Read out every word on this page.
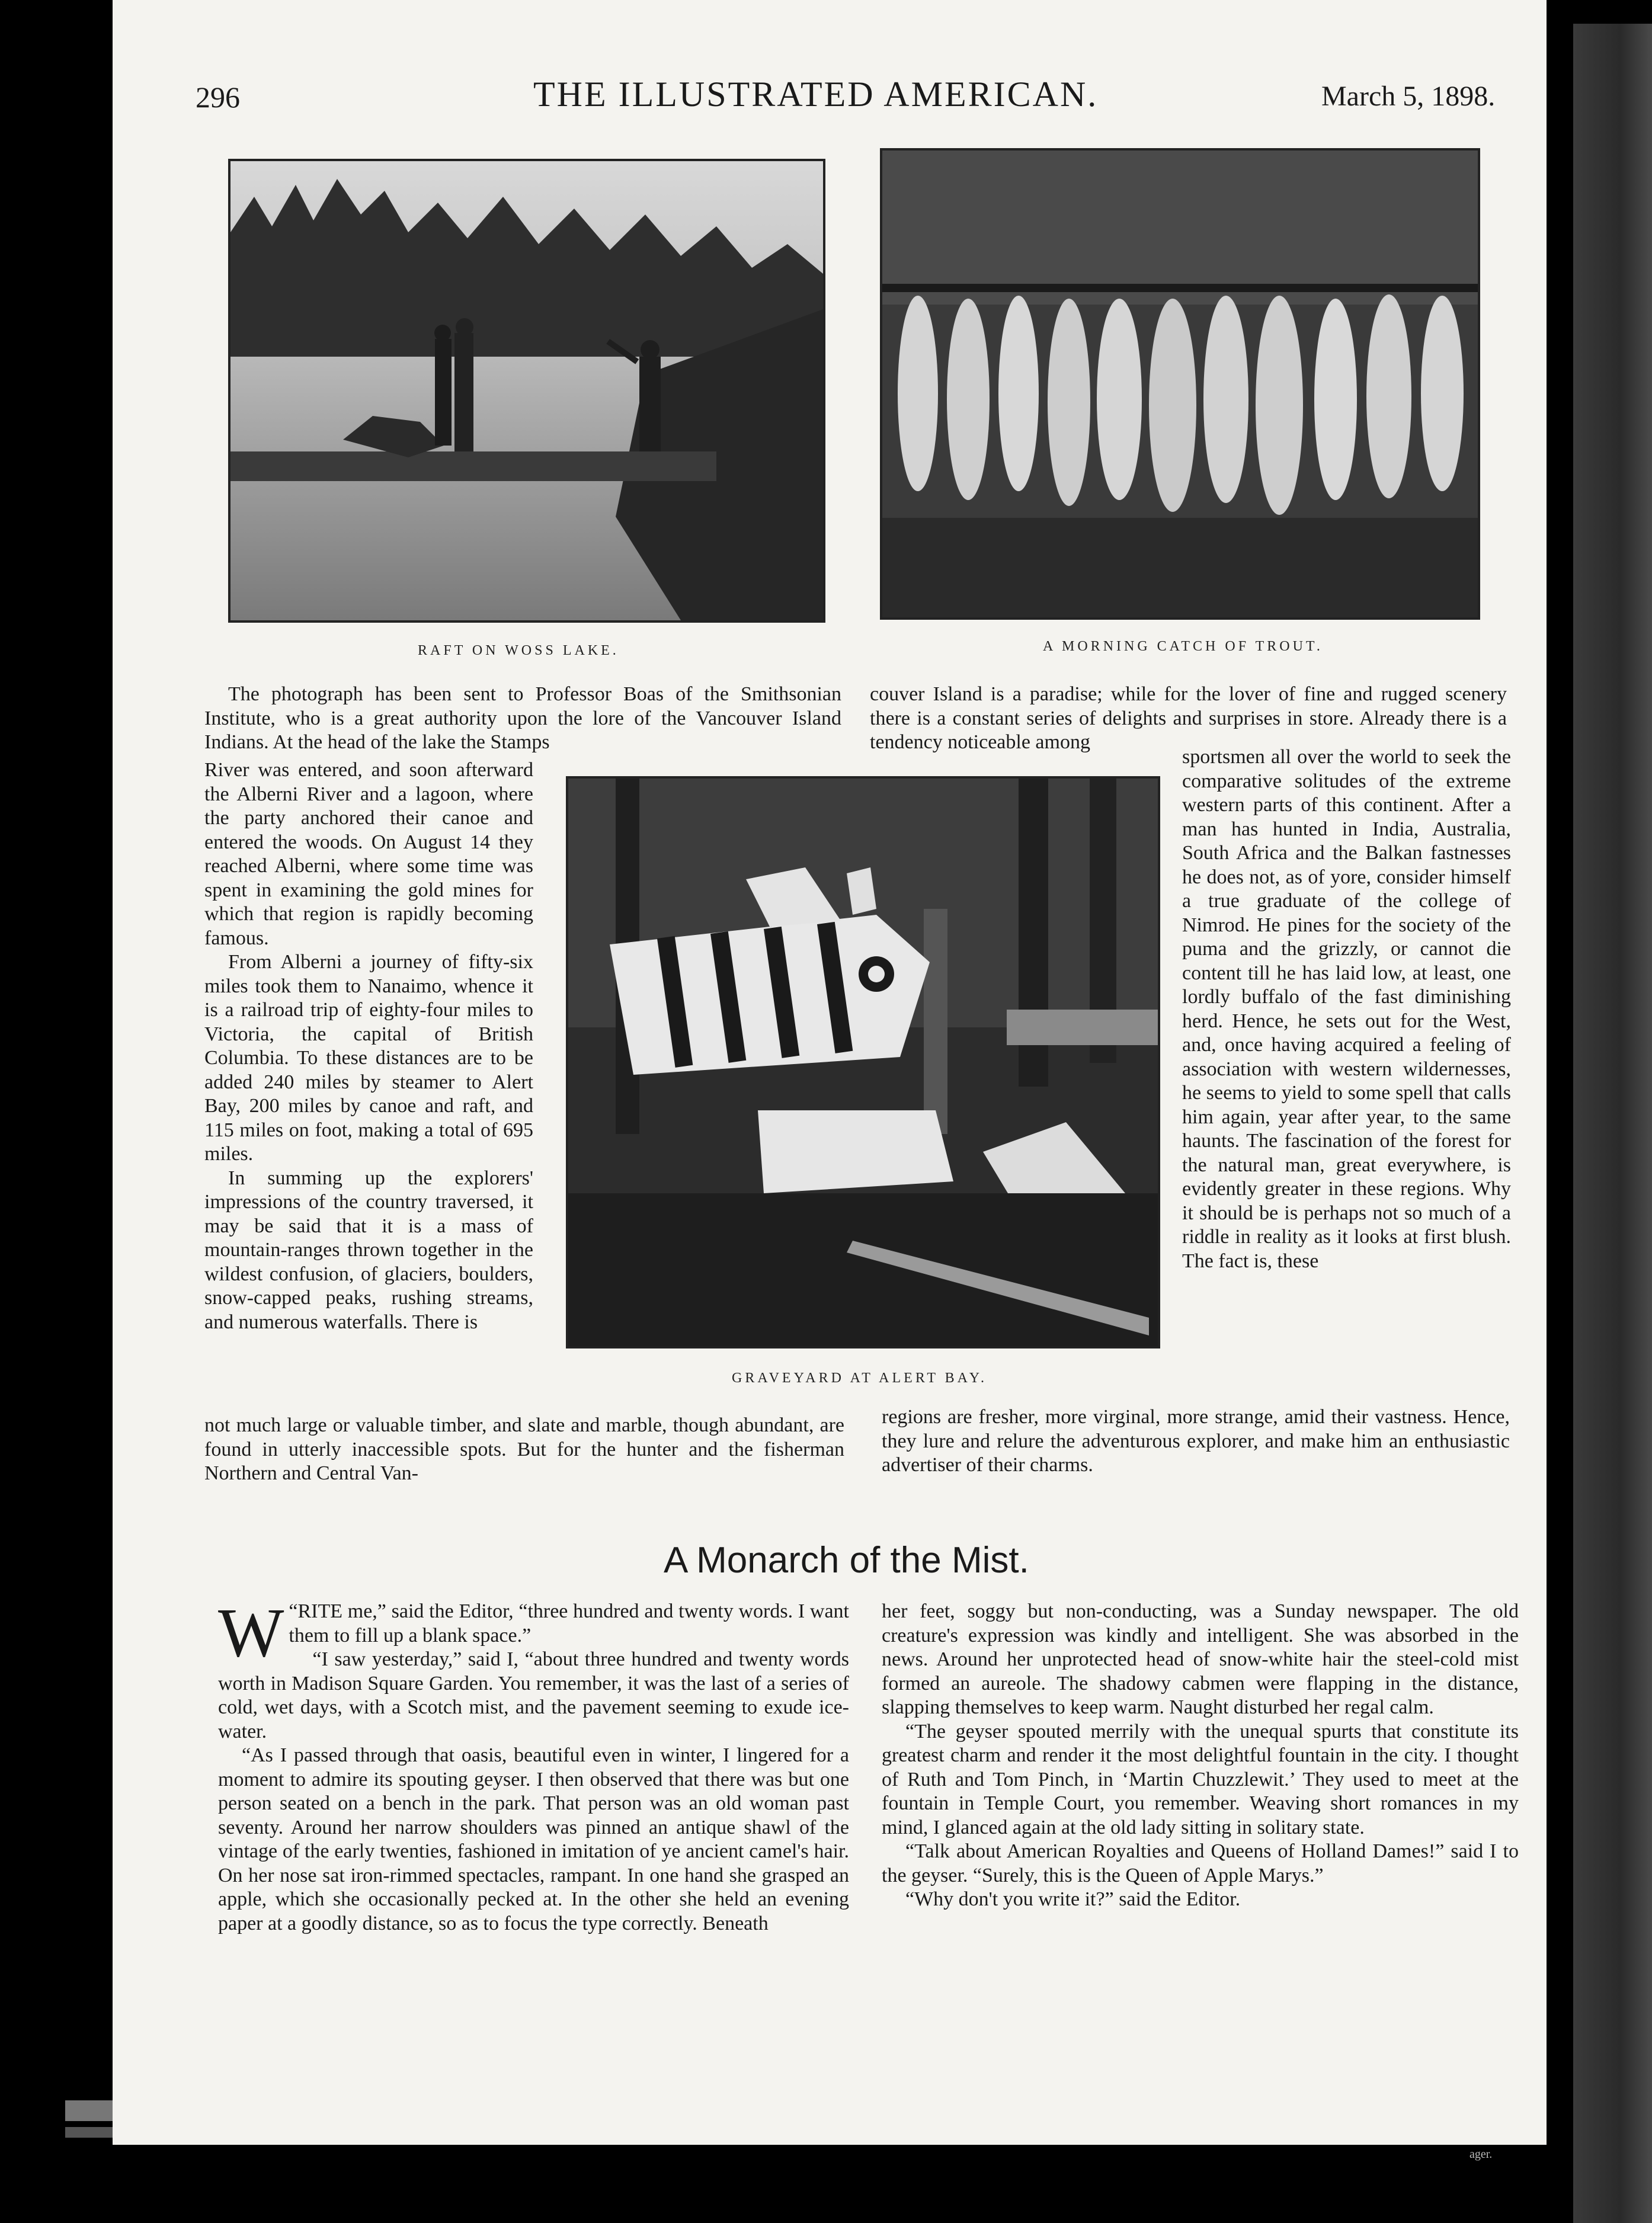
296	THE ILLUSTRATED AMERICAN.	March 5, 1898.
RAFT ON WOSS LAKE.	A MORNING CATCH OF TROUT.

The photograph has been sent to Professor Boas of the Smithsonian Institute, who is a great authority upon the lore of the Vancouver Island Indians. At the head of the lake the Stamps

River was entered, and soon afterward the Alberni River and a lagoon, where the party anchored their canoe and entered the woods. On August 14 they reached Alberni, where some time was spent in examining the gold mines for which that region is rapidly becoming famous.

From Alberni a journey of fifty-six miles took them to Nanaimo, whence it is a railroad trip of eighty-four miles to Victoria, the capital of British Columbia. To these distances are to be added 240 miles by steamer to Alert Bay, 200 miles by canoe and raft, and 115 miles on foot, making a total of 695 miles.

In summing up the explorers' impressions of the country traversed, it may be said that it is a mass of mountain-ranges thrown together in the wildest confusion, of glaciers, boulders, snow-capped peaks, rushing streams, and numerous waterfalls. There is

GRAVEYARD AT ALERT BAY.

couver Island is a paradise; while for the lover of fine and rugged scenery there is a constant series of delights and surprises in store. Already there is a tendency noticeable among

sportsmen all over the world to seek the comparative solitudes of the extreme western parts of this continent. After a man has hunted in India, Australia, South Africa and the Balkan fastnesses he does not, as of yore, consider himself a true graduate of the college of Nimrod. He pines for the society of the puma and the grizzly, or cannot die content till he has laid low, at least, one lordly buffalo of the fast diminishing herd. Hence, he sets out for the West, and, once having acquired a feeling of association with western wildernesses, he seems to yield to some spell that calls him again, year after year, to the same haunts. The fascination of the forest for the natural man, great everywhere, is evidently greater in these regions. Why it should be is perhaps not so much of a riddle in reality as it looks at first blush. The fact is, these

not much large or valuable timber, and slate and marble, though abundant, are found in utterly inaccessible spots. But for the hunter and the fisherman Northern and Central Van-

regions are fresher, more virginal, more strange, amid their vastness. Hence, they lure and relure the adventurous explorer, and make him an enthusiastic advertiser of their charms.

A Monarch of the Mist.

“
W RITE me,” said the Editor, “three hundred and twenty words. I want them to fill up a blank space.”

“I saw yesterday,” said I, “about three hundred and twenty words worth in Madison Square Garden. You remember, it was the last of a series of cold, wet days, with a Scotch mist, and the pavement seeming to exude ice-water.

“As I passed through that oasis, beautiful even in winter, I lingered for a moment to admire its spouting geyser. I then observed that there was but one person seated on a bench in the park. That person was an old woman past seventy. Around her narrow shoulders was pinned an antique shawl of the vintage of the early twenties, fashioned in imitation of ye ancient camel's hair. On her nose sat iron-rimmed spectacles, rampant. In one hand she grasped an apple, which she occasionally pecked at. In the other she held an evening paper at a goodly distance, so as to focus the type correctly. Beneath

her feet, soggy but non-conducting, was a Sunday newspaper. The old creature's expression was kindly and intelligent. She was absorbed in the news. Around her unprotected head of snow-white hair the steel-cold mist formed an aureole. The shadowy cabmen were flapping in the distance, slapping themselves to keep warm. Naught disturbed her regal calm.

“The geyser spouted merrily with the unequal spurts that constitute its greatest charm and render it the most delightful fountain in the city. I thought of Ruth and Tom Pinch, in ‘Martin Chuzzlewit.’ They used to meet at the fountain in Temple Court, you remember. Weaving short romances in my mind, I glanced again at the old lady sitting in solitary state.

“Talk about American Royalties and Queens of Holland Dames!” said I to the geyser. “Surely, this is the Queen of Apple Marys.”

“Why don't you write it?” said the Editor.

ager.
